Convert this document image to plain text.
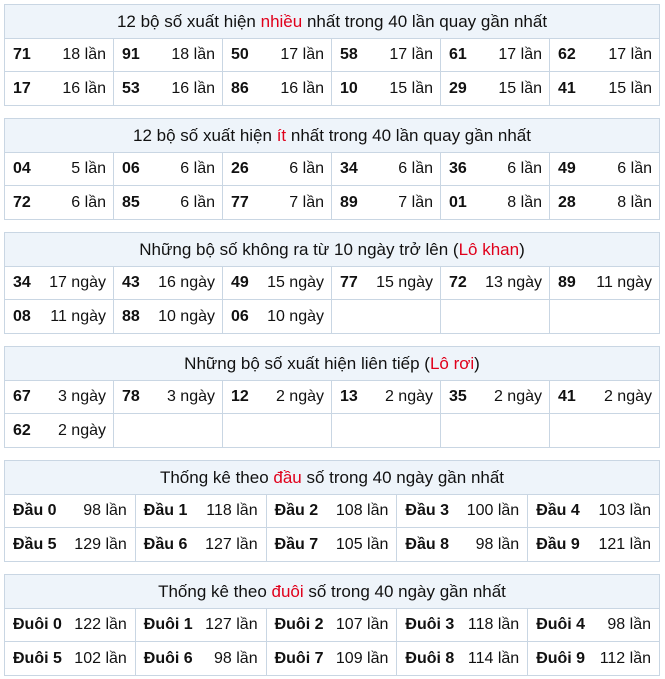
12 bộ số xuất hiện nhiều nhất trong 40 lần quay gần nhất
71 18 lần 91 18 lần 50 17 lần 58 17 lần 61 17 lần 62 17 lần
17 16 lần 53 16 lần 86 16 lần 10 15 lần 29 15 lần 41 15 lần
12 bộ số xuất hiện ít nhất trong 40 lần quay gần nhất
04	5 lần 06	6 lần 26	6 lần 34	6 lần 36	6 lần 49	6 lần
72	6 lần 85	6 lần 77	7 lần 89	7 lần 01	8 lần 28	8 lần
Những bộ số không ra từ 10 ngày trở lên (Lô khan)
34 17 ngày 43 16 ngày 49 15 ngày 77 15 ngày 72 13 ngày 89 11 ngày
08 11 ngày 88 10 ngày 06 10 ngày
Những bộ số xuất hiện liên tiếp (Lô rơi)
67 3 ngày 78 3 ngày 12 2 ngày 13 2 ngày 35 2 ngày 41 2 ngày
62 2 ngày
Thống kê theo đầu số trong 40 ngày gần nhất
Đầu 0 98 lần Đầu 1 118 lần Đầu 2 108 lần Đầu 3 100 lần Đầu 4 103 lần
Đầu 5 129 lần Đầu 6 127 lần Đầu 7 105 lần Đầu 8 98 lần Đầu 9 121 lần
Thống kê theo đuôi số trong 40 ngày gần nhất
Đuôi 0 122 lần Đuôi 1 127 lần Đuôi 2 107 lần Đuôi 3 118 lần Đuôi 4 98 lần
Đuôi 5 102 lần Đuôi 6 98 lần Đuôi 7 109 lần Đuôi 8 114 lần Đuôi 9 112 lần
